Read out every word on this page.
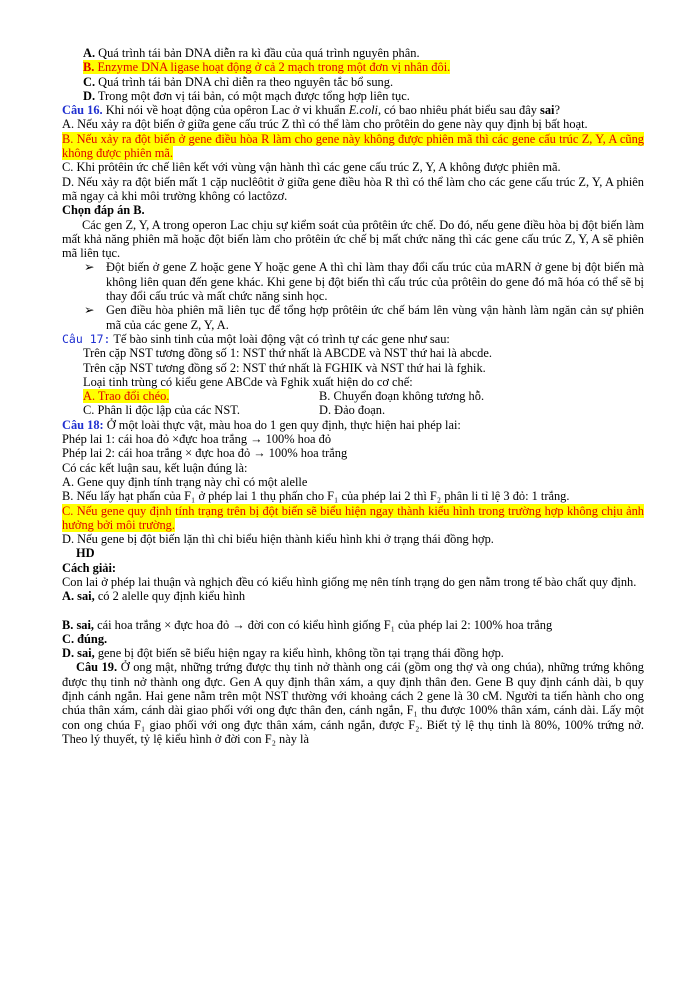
A. Quá trình tái bản DNA diễn ra kì đầu của quá trình nguyên phân.

B. Enzyme DNA ligase hoạt động ở cả 2 mạch trong một đơn vị nhân đôi.

C. Quá trình tái bản DNA chỉ diễn ra theo nguyên tắc bổ sung.

D. Trong một đơn vị tái bản, có một mạch được tổng hợp liên tục.

Câu 16. Khi nói về hoạt động của opêron Lac ở vi khuẩn E.coli, có bao nhiêu phát biểu sau đây sai?

A. Nếu xảy ra đột biến ở giữa gene cấu trúc Z thì có thể làm cho prôtêin do gene này quy định bị bất hoạt.

B. Nếu xảy ra đột biến ở gene điều hòa R làm cho gene này không được phiên mã thì các gene cấu trúc Z, Y, A cũng không được phiên mã.

C. Khi prôtêin ức chế liên kết với vùng vận hành thì các gene cấu trúc Z, Y, A không được phiên mã.

D. Nếu xảy ra đột biến mất 1 cặp nuclêôtit ở giữa gene điều hòa R thì có thể làm cho các gene cấu trúc Z, Y, A phiên mã ngay cả khi môi trường không có lactôzơ.

Chọn đáp án B.

Các gen Z, Y, A trong operon Lac chịu sự kiểm soát của prôtêin ức chế. Do đó, nếu gene điều hòa bị đột biến làm mất khả năng phiên mã hoặc đột biến làm cho prôtêin ức chế bị mất chức năng thì các gene cấu trúc Z, Y, A sẽ phiên mã liên tục.

➢ Đột biến ở gene Z hoặc gene Y hoặc gene A thì chỉ làm thay đổi cấu trúc của mARN ở gene bị đột biến mà không liên quan đến gene khác. Khi gene bị đột biến thì cấu trúc của prôtêin do gene đó mã hóa có thể sẽ bị thay đổi cấu trúc và mất chức năng sinh học.

➢ Gen điều hòa phiên mã liên tục để tổng hợp prôtêin ức chế bám lên vùng vận hành làm ngăn cản sự phiên mã của các gene Z, Y, A.

Câu 17: Tế bào sinh tinh của một loài động vật có trình tự các gene như sau:

Trên cặp NST tương đồng số 1: NST thứ nhất là ABCDE và NST thứ hai là abcde.

Trên cặp NST tương đồng số 2: NST thứ nhất là FGHIK và NST thứ hai là fghik.

Loại tinh trùng có kiểu gene ABCde và Fghik xuất hiện do cơ chế:

A. Trao đổi chéo.	B. Chuyển đoạn không tương hỗ.
C. Phân li độc lập của các NST.	D. Đảo đoạn.

Câu 18: Ở một loài thực vật, màu hoa do 1 gen quy định, thực hiện hai phép lai:

Phép lai 1: cái hoa đỏ ×đực hoa trắng → 100% hoa đỏ

Phép lai 2: cái hoa trắng × đực hoa đỏ → 100% hoa trắng

Có các kết luận sau, kết luận đúng là:

A. Gene quy định tính trạng này chỉ có một alelle

B. Nếu lấy hạt phấn của F₁ ở phép lai 1 thụ phấn cho F₁ của phép lai 2 thì F₂ phân li tỉ lệ 3 đỏ: 1 trắng.

C. Nếu gene quy định tính trạng trên bị đột biến sẽ biểu hiện ngay thành kiểu hình trong trường hợp không chịu ảnh hưởng bởi môi trường.

D. Nếu gene bị đột biến lặn thì chỉ biểu hiện thành kiểu hình khi ở trạng thái đồng hợp.

HD

Cách giải:

Con lai ở phép lai thuận và nghịch đều có kiểu hình giống mẹ nên tính trạng do gen nằm trong tế bào chất quy định.

A. sai, có 2 alelle quy định kiểu hình

B. sai, cái hoa trắng × đực hoa đỏ → đời con có kiểu hình giống F₁ của phép lai 2: 100% hoa trắng

C. đúng.

D. sai, gene bị đột biến sẽ biểu hiện ngay ra kiểu hình, không tồn tại trạng thái đồng hợp.

Câu 19. Ở ong mật, những trứng được thụ tinh nở thành ong cái (gồm ong thợ và ong chúa), những trứng không được thụ tinh nở thành ong đực. Gen A quy định thân xám, a quy định thân đen. Gene B quy định cánh dài, b quy định cánh ngắn. Hai gene nằm trên một NST thường với khoảng cách 2 gene là 30 cM. Người ta tiến hành cho ong chúa thân xám, cánh dài giao phối với ong đực thân đen, cánh ngắn, F₁ thu được 100% thân xám, cánh dài. Lấy một con ong chúa F₁ giao phối với ong đực thân xám, cánh ngắn, được F₂. Biết tỷ lệ thụ tinh là 80%, 100% trứng nở. Theo lý thuyết, tỷ lệ kiểu hình ở đời con F₂ này là
